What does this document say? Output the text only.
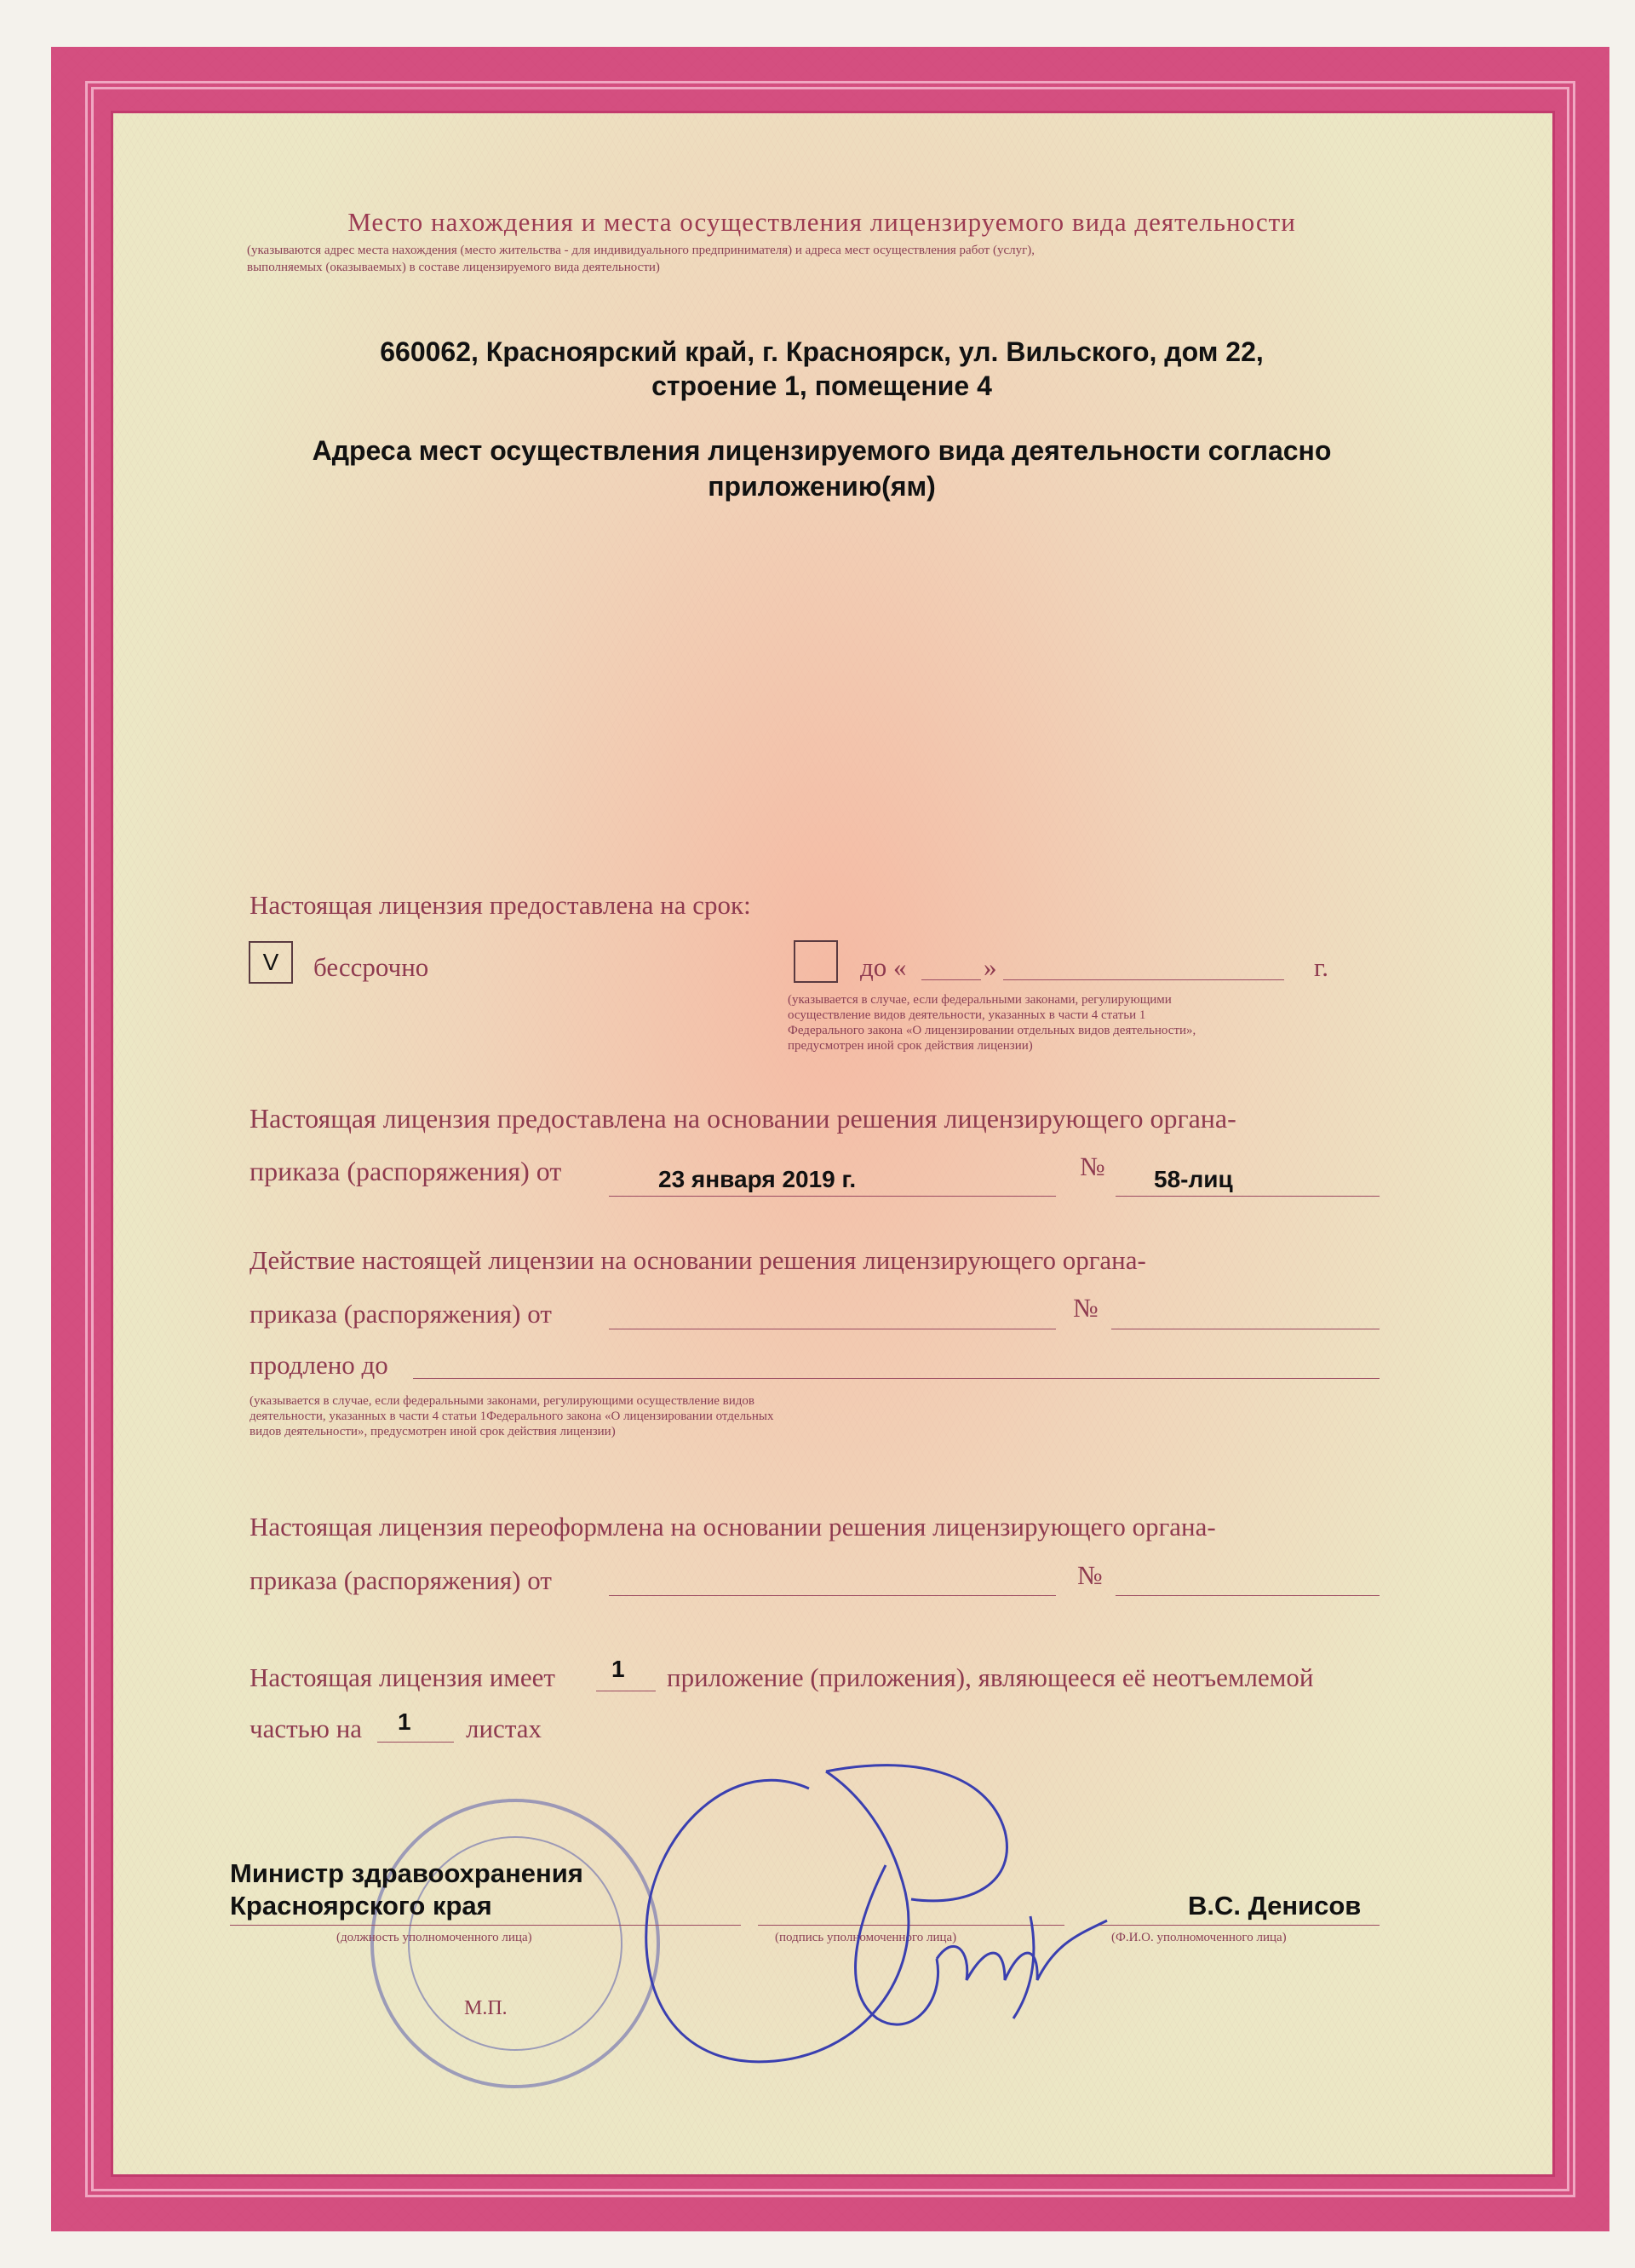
Место нахождения и места осуществления лицензируемого вида деятельности
(указываются адрес места нахождения (место жительства - для индивидуального предпринимателя) и адреса мест осуществления работ (услуг),
выполняемых (оказываемых) в составе лицензируемого вида деятельности)
660062, Красноярский край, г. Красноярск, ул. Вильского, дом 22,
строение 1, помещение 4
Адреса мест осуществления лицензируемого вида деятельности согласно
приложению(ям)
Настоящая лицензия предоставлена на срок:
V	бессрочно	до «	»	г.
(указывается в случае, если федеральными законами, регулирующими
осуществление видов деятельности, указанных в части 4 статьи 1
Федерального закона «О лицензировании отдельных видов деятельности»,
предусмотрен иной срок действия лицензии)
Настоящая лицензия предоставлена на основании решения лицензирующего органа-
приказа (распоряжения) от	23 января 2019 г.	№ 58-лиц
Действие настоящей лицензии на основании решения лицензирующего органа-
приказа (распоряжения) от	№
продлено до
(указывается в случае, если федеральными законами, регулирующими осуществление видов
деятельности, указанных в части 4 статьи 1Федерального закона «О лицензировании отдельных
видов деятельности», предусмотрен иной срок действия лицензии)
Настоящая лицензия переоформлена на основании решения лицензирующего органа-
приказа (распоряжения) от	№
Настоящая лицензия имеет 1 приложение (приложения), являющееся её неотъемлемой
частью на 1 листах
Министр здравоохранения
Красноярского края
(должность уполномоченного лица)	(подпись уполномоченного лица)
В.С. Денисов
(Ф.И.О. уполномоченного лица)
М.П.
